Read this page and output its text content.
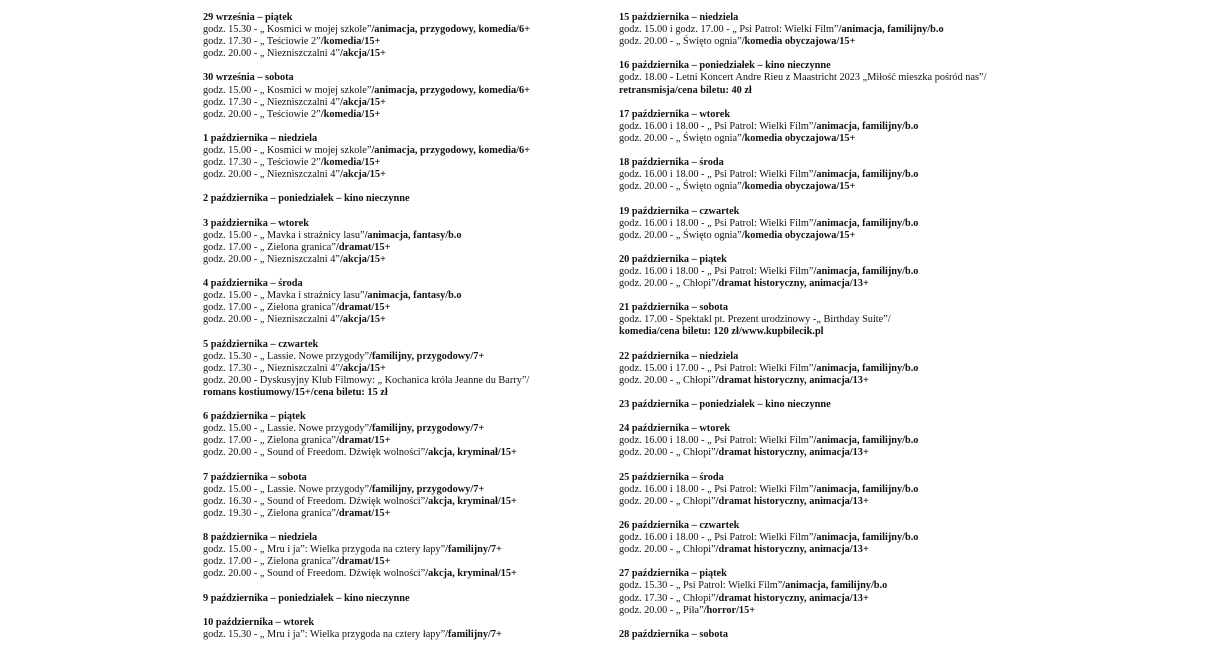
29 września – piątek
godz. 15.30 - „ Kosmici w mojej szkole”/animacja, przygodowy, komedia/6+
godz. 17.30 - „ Teściowie 2”/komedia/15+
godz. 20.00 - „ Niezniszczalni 4”/akcja/15+
30 września – sobota
godz. 15.00 - „ Kosmici w mojej szkole”/animacja, przygodowy, komedia/6+
godz. 17.30 - „ Niezniszczalni 4”/akcja/15+
godz. 20.00 - „ Teściowie 2”/komedia/15+
1 października – niedziela
godz. 15.00 - „ Kosmici w mojej szkole”/animacja, przygodowy, komedia/6+
godz. 17.30 - „ Teściowie 2”/komedia/15+
godz. 20.00 - „ Niezniszczalni 4”/akcja/15+
2 października – poniedziałek – kino nieczynne
3 października – wtorek
godz. 15.00 - „ Mavka i strażnicy lasu”/animacja, fantasy/b.o
godz. 17.00 - „ Zielona granica”/dramat/15+
godz. 20.00 - „ Niezniszczalni 4”/akcja/15+
4 października – środa
godz. 15.00 - „ Mavka i strażnicy lasu”/animacja, fantasy/b.o
godz. 17.00 - „ Zielona granica”/dramat/15+
godz. 20.00 - „ Niezniszczalni 4”/akcja/15+
5 października – czwartek
godz. 15.30 - „ Lassie. Nowe przygody”/familijny, przygodowy/7+
godz. 17.30 - „ Niezniszczalni 4”/akcja/15+
godz. 20.00 - Dyskusyjny Klub Filmowy: „ Kochanica króla Jeanne du Barry”/
romans kostiumowy/15+/cena biletu: 15 zł
6 października – piątek
godz. 15.00 - „ Lassie. Nowe przygody”/familijny, przygodowy/7+
godz. 17.00 - „ Zielona granica”/dramat/15+
godz. 20.00 - „ Sound of Freedom. Dźwięk wolności”/akcja, kryminał/15+
7 października – sobota
godz. 15.00 - „ Lassie. Nowe przygody”/familijny, przygodowy/7+
godz. 16.30 - „ Sound of Freedom. Dźwięk wolności”/akcja, kryminał/15+
godz. 19.30 - „ Zielona granica”/dramat/15+
8 października – niedziela
godz. 15.00 - „ Mru i ja”: Wielka przygoda na cztery łapy”/familijny/7+
godz. 17.00 - „ Zielona granica”/dramat/15+
godz. 20.00 - „ Sound of Freedom. Dźwięk wolności”/akcja, kryminał/15+
9 października – poniedziałek – kino nieczynne
10 października – wtorek
godz. 15.30 - „ Mru i ja”: Wielka przygoda na cztery łapy”/familijny/7+
15 października – niedziela
godz. 15.00 i godz. 17.00 - „ Psi Patrol: Wielki Film”/animacja, familijny/b.o
godz. 20.00 - „ Święto ognia”/komedia obyczajowa/15+
16 października – poniedziałek – kino nieczynne
godz. 18.00 - Letni Koncert Andre Rieu z Maastricht 2023 „Miłość mieszka pośród nas”/
retransmisja/cena biletu: 40 zł
17 października – wtorek
godz. 16.00 i 18.00 - „ Psi Patrol: Wielki Film”/animacja, familijny/b.o
godz. 20.00 - „ Święto ognia”/komedia obyczajowa/15+
18 października – środa
godz. 16.00 i 18.00 - „ Psi Patrol: Wielki Film”/animacja, familijny/b.o
godz. 20.00 - „ Święto ognia”/komedia obyczajowa/15+
19 października – czwartek
godz. 16.00 i 18.00 - „ Psi Patrol: Wielki Film”/animacja, familijny/b.o
godz. 20.00 - „ Święto ognia”/komedia obyczajowa/15+
20 października – piątek
godz. 16.00 i 18.00 - „ Psi Patrol: Wielki Film”/animacja, familijny/b.o
godz. 20.00 - „ Chłopi”/dramat historyczny, animacja/13+
21 października – sobota
godz. 17.00 - Spektakl pt. Prezent urodzinowy -„ Birthday Suite”/
komedia/cena biletu: 120 zł/www.kupbilecik.pl
22 października – niedziela
godz. 15.00 i 17.00 - „ Psi Patrol: Wielki Film”/animacja, familijny/b.o
godz. 20.00 - „ Chłopi”/dramat historyczny, animacja/13+
23 października – poniedziałek – kino nieczynne
24 października – wtorek
godz. 16.00 i 18.00 - „ Psi Patrol: Wielki Film”/animacja, familijny/b.o
godz. 20.00 - „ Chłopi”/dramat historyczny, animacja/13+
25 października – środa
godz. 16.00 i 18.00 - „ Psi Patrol: Wielki Film”/animacja, familijny/b.o
godz. 20.00 - „ Chłopi”/dramat historyczny, animacja/13+
26 października – czwartek
godz. 16.00 i 18.00 - „ Psi Patrol: Wielki Film”/animacja, familijny/b.o
godz. 20.00 - „ Chłopi”/dramat historyczny, animacja/13+
27 października – piątek
godz. 15.30 - „ Psi Patrol: Wielki Film”/animacja, familijny/b.o
godz. 17.30 - „ Chłopi”/dramat historyczny, animacja/13+
godz. 20.00 - „ Piła”/horror/15+
28 października – sobota
